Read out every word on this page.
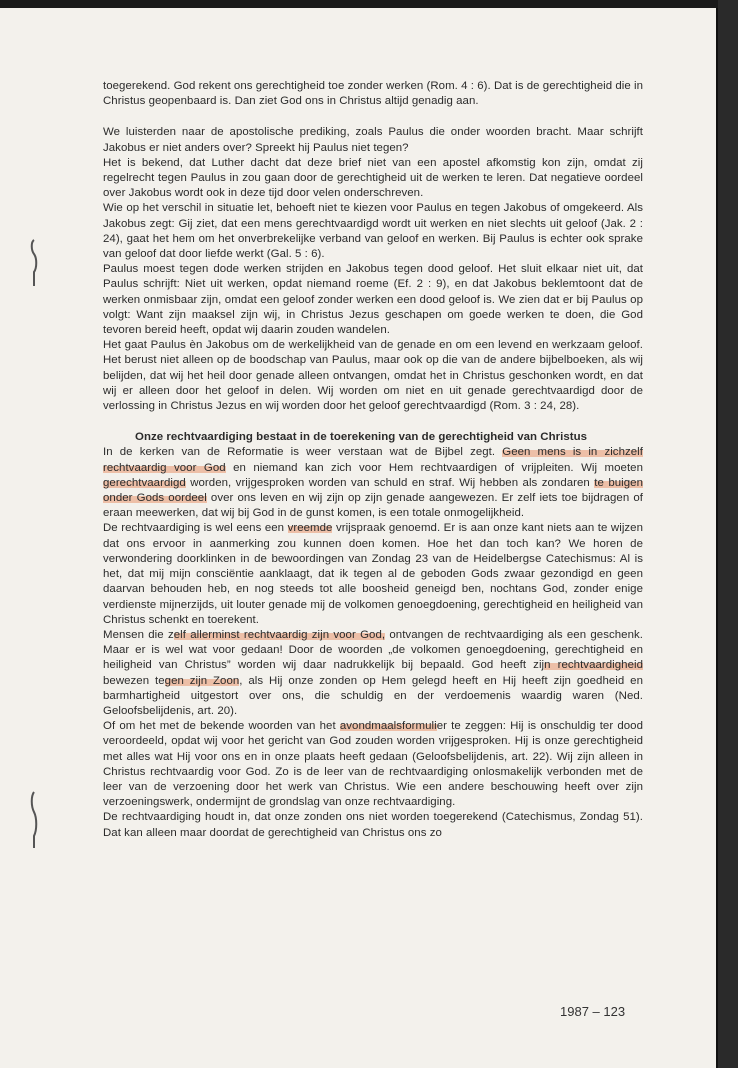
toegerekend. God rekent ons gerechtigheid toe zonder werken (Rom. 4 : 6). Dat is de gerechtigheid die in Christus geopenbaard is. Dan ziet God ons in Christus altijd genadig aan.

We luisterden naar de apostolische prediking, zoals Paulus die onder woorden bracht. Maar schrijft Jakobus er niet anders over? Spreekt hij Paulus niet tegen?

Het is bekend, dat Luther dacht dat deze brief niet van een apostel afkomstig kon zijn, omdat zij regelrecht tegen Paulus in zou gaan door de gerechtigheid uit de werken te leren. Dat negatieve oordeel over Jakobus wordt ook in deze tijd door velen onderschreven.

Wie op het verschil in situatie let, behoeft niet te kiezen voor Paulus en tegen Jakobus of omgekeerd. Als Jakobus zegt: Gij ziet, dat een mens gerechtvaardigd wordt uit werken en niet slechts uit geloof (Jak. 2 : 24), gaat het hem om het onverbrekelijke verband van geloof en werken. Bij Paulus is echter ook sprake van geloof dat door liefde werkt (Gal. 5 : 6).

Paulus moest tegen dode werken strijden en Jakobus tegen dood geloof. Het sluit elkaar niet uit, dat Paulus schrijft: Niet uit werken, opdat niemand roeme (Ef. 2 : 9), en dat Jakobus beklemtoont dat de werken onmisbaar zijn, omdat een geloof zonder werken een dood geloof is. We zien dat er bij Paulus op volgt: Want zijn maaksel zijn wij, in Christus Jezus geschapen om goede werken te doen, die God tevoren bereid heeft, opdat wij daarin zouden wandelen.

Het gaat Paulus èn Jakobus om de werkelijkheid van de genade en om een levend en werkzaam geloof. Het berust niet alleen op de boodschap van Paulus, maar ook op die van de andere bijbelboeken, als wij belijden, dat wij het heil door genade alleen ontvangen, omdat het in Christus geschonken wordt, en dat wij er alleen door het geloof in delen. Wij worden om niet en uit genade gerechtvaardigd door de verlossing in Christus Jezus en wij worden door het geloof gerechtvaardigd (Rom. 3 : 24, 28).

Onze rechtvaardiging bestaat in de toerekening van de gerechtigheid van Christus

In de kerken van de Reformatie is weer verstaan wat de Bijbel zegt. Geen mens is in zichzelf rechtvaardig voor God en niemand kan zich voor Hem rechtvaardigen of vrijpleiten. Wij moeten gerechtvaardigd worden, vrijgesproken worden van schuld en straf. Wij hebben als zondaren te buigen onder Gods oordeel over ons leven en wij zijn op zijn genade aangewezen. Er zelf iets toe bijdragen of eraan meewerken, dat wij bij God in de gunst komen, is een totale onmogelijkheid.

De rechtvaardiging is wel eens een vreemde vrijspraak genoemd. Er is aan onze kant niets aan te wijzen dat ons ervoor in aanmerking zou kunnen doen komen. Hoe het dan toch kan? We horen de verwondering doorklinken in de bewoordingen van Zondag 23 van de Heidelbergse Catechismus: Al is het, dat mij mijn consciëntie aanklaagt, dat ik tegen al de geboden Gods zwaar gezondigd en geen daarvan behouden heb, en nog steeds tot alle boosheid geneigd ben, nochtans God, zonder enige verdienste mijnerzijds, uit louter genade mij de volkomen genoegdoening, gerechtigheid en heiligheid van Christus schenkt en toerekent.

Mensen die zelf allerminst rechtvaardig zijn voor God, ontvangen de rechtvaardiging als een geschenk. Maar er is wel wat voor gedaan! Door de woorden „de volkomen genoegdoening, gerechtigheid en heiligheid van Christus” worden wij daar nadrukkelijk bij bepaald. God heeft zijn rechtvaardigheid bewezen tegen zijn Zoon, als Hij onze zonden op Hem gelegd heeft en Hij heeft zijn goedheid en barmhartigheid uitgestort over ons, die schuldig en der verdoemenis waardig waren (Ned. Geloofsbelijdenis, art. 20).

Of om het met de bekende woorden van het avondmaalsformulier te zeggen: Hij is onschuldig ter dood veroordeeld, opdat wij voor het gericht van God zouden worden vrijgesproken. Hij is onze gerechtigheid met alles wat Hij voor ons en in onze plaats heeft gedaan (Geloofsbelijdenis, art. 22). Wij zijn alleen in Christus rechtvaardig voor God. Zo is de leer van de rechtvaardiging onlosmakelijk verbonden met de leer van de verzoening door het werk van Christus. Wie een andere beschouwing heeft over zijn verzoeningswerk, ondermijnt de grondslag van onze rechtvaardiging.

De rechtvaardiging houdt in, dat onze zonden ons niet worden toegerekend (Catechismus, Zondag 51). Dat kan alleen maar doordat de gerechtigheid van Christus ons zo

1987 – 123
